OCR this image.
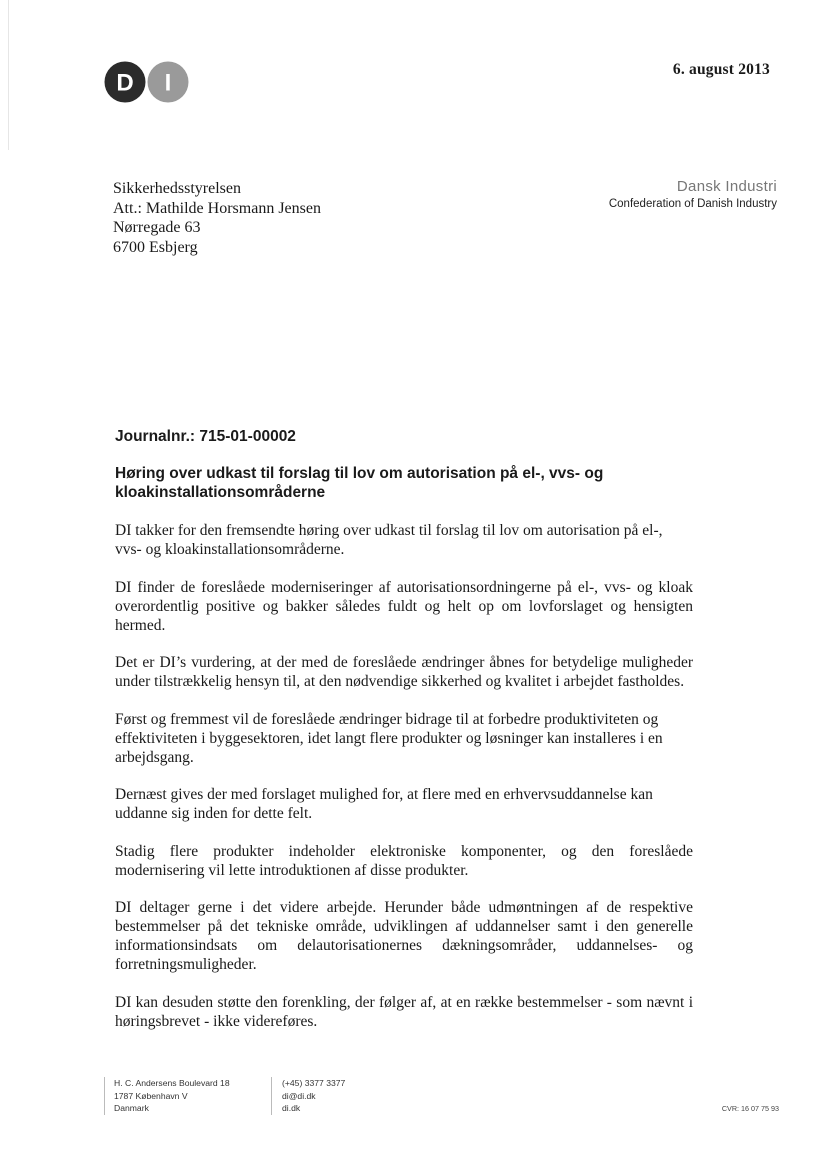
D I	6. august 2013
Sikkerhedsstyrelsen
Att.: Mathilde Horsmann Jensen
Nørregade 63
6700 Esbjerg
Dansk Industri
Confederation of Danish Industry
Journalnr.: 715-01-00002
Høring over udkast til forslag til lov om autorisation på el-, vvs- og kloakinstallationsområderne

DI takker for den fremsendte høring over udkast til forslag til lov om autorisation på el-, vvs- og kloakinstallationsområderne.

DI finder de foreslåede moderniseringer af autorisationsordningerne på el-, vvs- og kloak overordentlig positive og bakker således fuldt og helt op om lovforslaget og hensigten hermed.

Det er DI’s vurdering, at der med de foreslåede ændringer åbnes for betydelige muligheder under tilstrækkelig hensyn til, at den nødvendige sikkerhed og kvalitet i arbejdet fastholdes.

Først og fremmest vil de foreslåede ændringer bidrage til at forbedre produktiviteten og effektiviteten i byggesektoren, idet langt flere produkter og løsninger kan installeres i en arbejdsgang.

Dernæst gives der med forslaget mulighed for, at flere med en erhvervsuddannelse kan uddanne sig inden for dette felt.

Stadig flere produkter indeholder elektroniske komponenter, og den foreslåede modernisering vil lette introduktionen af disse produkter.

DI deltager gerne i det videre arbejde. Herunder både udmøntningen af de respektive bestemmelser på det tekniske område, udviklingen af uddannelser samt i den generelle informationsindsats om delautorisationernes dækningsområder, uddannelses- og forretningsmuligheder.

DI kan desuden støtte den forenkling, der følger af, at en række bestemmelser - som nævnt i høringsbrevet - ikke videreføres.

H. C. Andersens Boulevard 18
1787 København V
Danmark
(+45) 3377 3377
di@di.dk
di.dk	CVR: 16 07 75 93
